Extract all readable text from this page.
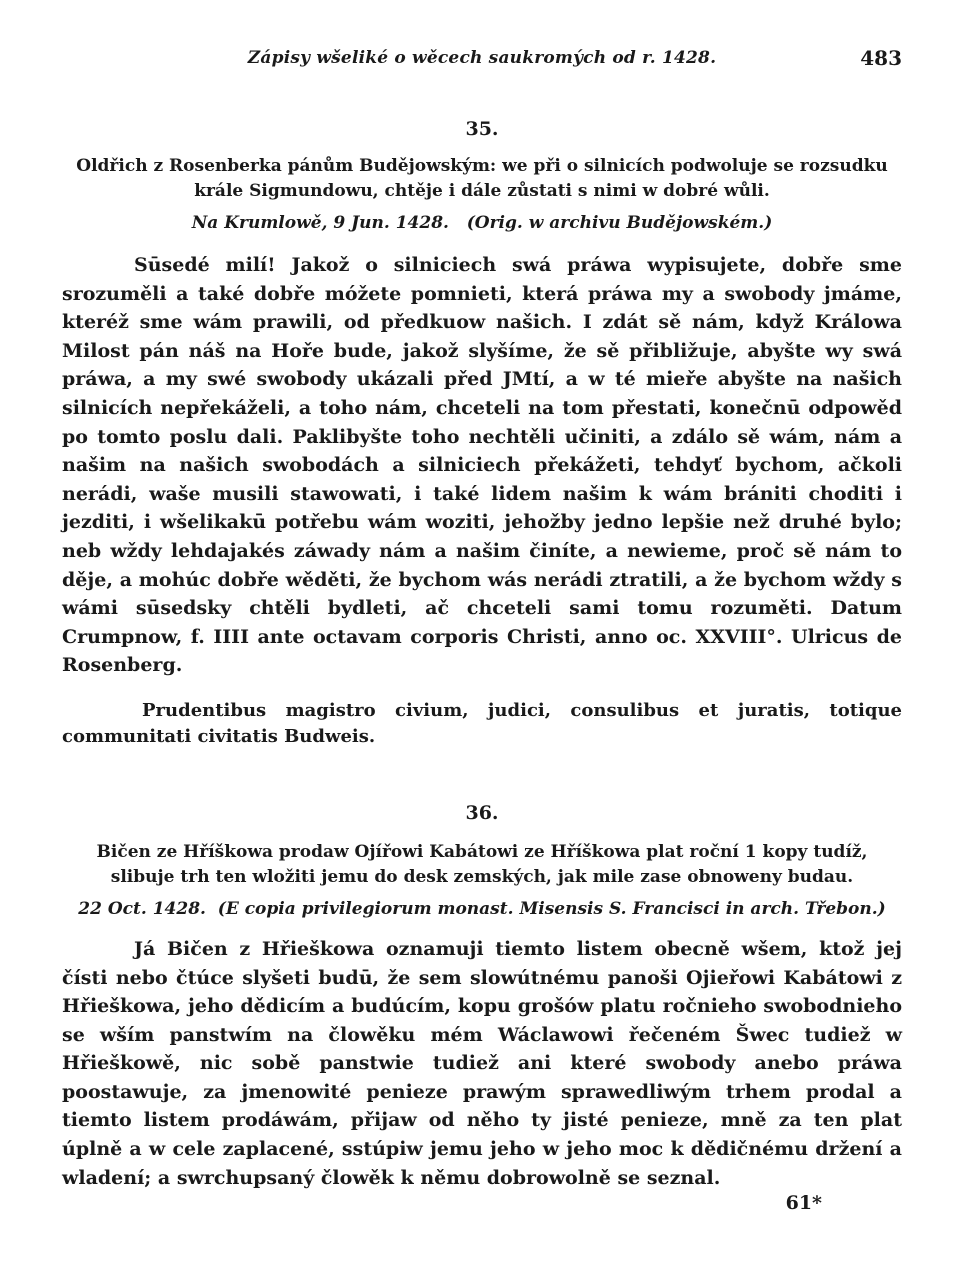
Zápisy wšeliké o wěcech saukromých od r. 1428.	483

35.

Oldřich z Rosenberka pánům Budějowským: we při o silnicích podwoluje se rozsudku krále Sigmundowu, chtěje i dále zůstati s nimi w dobré wůli.

Na Krumlowě, 9 Jun. 1428.   (Orig. w archivu Budějowském.)

Sūsedé milí! Jakož o silniciech swá práwa wypisujete, dobře sme srozuměli a také dobře móžete pomnieti, která práwa my a swobody jmáme, kteréž sme wám prawili, od předkuow našich. I zdát sě nám, když Králowa Milost pán náš na Hoře bude, jakož slyšíme, že sě přibližuje, abyšte wy swá práwa, a my swé swobody ukázali před JMtí, a w té mieře abyšte na našich silnicích nepřekáželi, a toho nám, chceteli na tom přestati, konečnū odpowěd po tomto poslu dali. Paklibyšte toho nechtěli učiniti, a zdálo sě wám, nám a našim na našich swobodách a silniciech překážeti, tehdyť bychom, ačkoli nerádi, waše musili stawowati, i také lidem našim k wám brániti choditi i jezditi, i wšelikakū potřebu wám woziti, jehožby jedno lepšie než druhé bylo; neb wždy lehdajakés záwady nám a našim činíte, a newieme, proč sě nám to děje, a mohúc dobře wěděti, že bychom wás nerádi ztratili, a že bychom wždy s wámi sūsedsky chtěli bydleti, ač chceteli sami tomu rozuměti. Datum Crumpnow, f. IIII ante octavam corporis Christi, anno oc. XXVIII°. Ulricus de Rosenberg.

Prudentibus magistro civium, judici, consulibus et juratis, totique communitati civitatis Budweis.

36.

Bičen ze Hříškowa prodaw Ojířowi Kabátowi ze Hříškowa plat roční 1 kopy tudíž, slibuje trh ten wložiti jemu do desk zemských, jak mile zase obnoweny budau.

22 Oct. 1428.  (E copia privilegiorum monast. Misensis S. Francisci in arch. Třebon.)

Já Bičen z Hřieškowa oznamuji tiemto listem obecně wšem, ktož jej čísti nebo čtúce slyšeti budū, že sem slowútnému panoši Ojieřowi Kabátowi z Hřieškowa, jeho dědicím a budúcím, kopu grošów platu ročnieho swobodnieho se wším panstwím na člowěku mém Wáclawowi řečeném Šwec tudiež w Hřieškowě, nic sobě panstwie tudiež ani které swobody anebo práwa poostawuje, za jmenowité penieze prawým sprawedliwým trhem prodal a tiemto listem prodáwám, přijaw od něho ty jisté penieze, mně za ten plat úplně a w cele zaplacené, sstúpiw jemu jeho w jeho moc k dědičnému držení a wladení; a swrchupsaný člowěk k němu dobrowolně se seznal.

61*
